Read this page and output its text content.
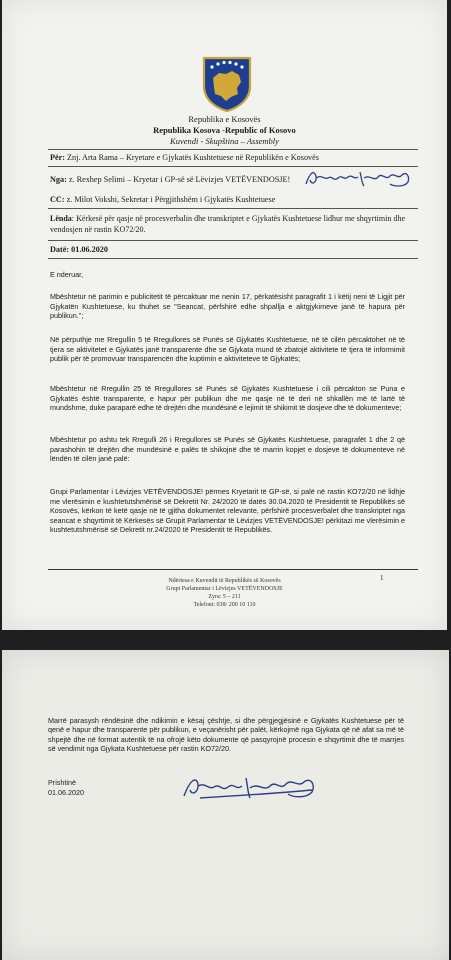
Republika e Kosovës
Republika Kosova -Republic of Kosovo
Kuvendi - Skupština – Assembly
Për: Znj. Arta Rama – Kryetare e Gjykatës Kushtetuese në Republikën e Kosovës
Nga: z. Rexhep Selimi – Kryetar i GP-së së Lëvizjes VETËVENDOSJE!
CC: z. Milot Vokshi, Sekretar i Përgjithshëm i Gjykatës Kushtetuese
Lënda: Kërkesë për qasje në procesverbalin dhe transkriptet e Gjykatës Kushtetuese lidhur me shqyrtimin dhe vendosjen në rastin KO72/20.
Datë: 01.06.2020
E nderuar,
Mbështetur në parimin e publicitetit të përcaktuar me nenin 17, përkatësisht paragrafit 1 i këtij neni të Ligjit për Gjykatën Kushtetuese, ku thuhet se "Seancat, përfshirë edhe shpallja e aktgjykimeve janë të hapura për publikun.";
Në përputhje me Rregullin 5 të Rregullores së Punës së Gjykatës Kushtetuese, në të cilën përcaktohet në të tjera se aktivitetet e Gjykatës janë transparente dhe se Gjykata mund të zbatojë aktivitete të tjera të informimit publik për të promovuar transparencën dhe kuptimin e aktiviteteve të Gjykatës;
Mbështetur në Rregullin 25 të Rregullores së Punës së Gjykatës Kushtetuese i cili përcakton se Puna e Gjykatës është transparente, e hapur për publikun dhe me qasje në të deri në shkallën më të lartë të mundshme, duke paraparë edhe të drejtën dhe mundësinë e lejimit të shikimit të dosjeve dhe të dokumenteve;
Mbështetur po ashtu tek Rregulli 26 i Rregullores së Punës së Gjykatës Kushtetuese, paragrafët 1 dhe 2 që parashohin të drejtën dhe mundësinë e palës të shikojnë dhe të marrin kopjet e dosjeve të dokumenteve në lëndën të cilën janë palë:
Grupi Parlamentar i Lëvizjes VETËVENDOSJE! përmes Kryetarit të GP-së, si palë në rastin KO72/20 në lidhje me vlerësimin e kushtetutshmërisë së Dekretit Nr. 24/2020 të datës 30.04.2020 të Presidentit të Republikës së Kosovës, kërkon të ketë qasje në të gjitha dokumentet relevante, përfshirë procesverbalet dhe transkriptet nga seancat e shqyrtimit të Kërkesës së Grupit Parlamentar të Lëvizjes VETËVENDOSJE! përkitazi me vlerësimin e kushtetutshmërisë së Dekretit nr.24/2020 të Presidentit të Republikës.
1
Ndërtesa e Kuvendit të Republikës së Kosovës
Grupi Parlamentar i Lëvizjes VETËVENDOSJE
Zyra: 5 – 211
Telefoni: 038/ 200 10 110
Marrë parasysh rëndësinë dhe ndikimin e kësaj çështje, si dhe përgjegjësinë e Gjykatës Kushtetuese për të qenë e hapur dhe transparente për publikun, e veçanërisht për palët, kërkojmë nga Gjykata që në afat sa më të shpejtë dhe në format autentik të na ofrojë këto dokumente që pasqyrojnë procesin e shqyrtimit dhe të marrjes së vendimit nga Gjykata Kushtetuese për rastin KO72/20.
Prishtinë
01.06.2020
